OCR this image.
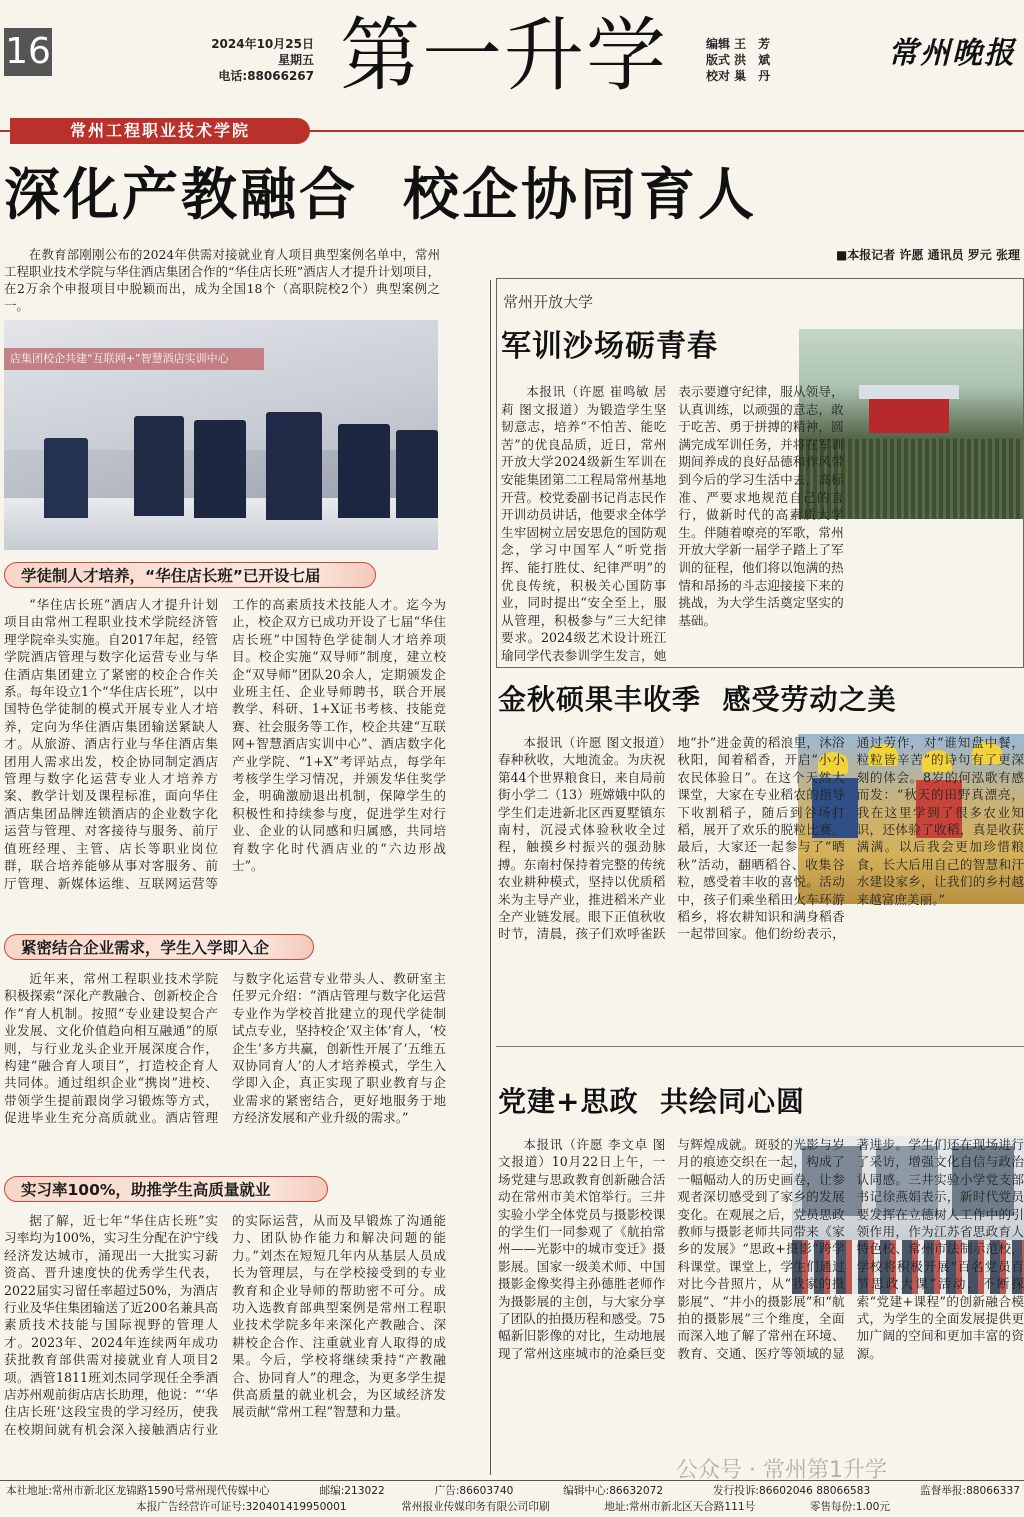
16	2024年10月25日
星期五
电话:88066267 第一升学	编辑 王　芳
版式 洪　斌
校对 巢　丹
常州晚报
常州工程职业技术学院
深化产教融合  校企协同育人
在教育部刚刚公布的2024年供需对接就业育人项目典型案例名单中，常州工程职业技术学院与华住酒店集团合作的“华住店长班”酒店人才提升计划项目，在2万余个申报项目中脱颖而出，成为全国18个（高职院校2个）典型案例之一。
■本报记者 许愿 通讯员 罗元 张理
店集团校企共建“互联网+”智慧酒店实训中心
学徒制人才培养，“华住店长班”已开设七届
“华住店长班”酒店人才提升计划项目由常州工程职业技术学院经济管理学院牵头实施。自2017年起，经管学院酒店管理与数字化运营专业与华住酒店集团建立了紧密的校企合作关系。每年设立1个“华住店长班”，以中国特色学徒制的模式开展专业人才培养，定向为华住酒店集团输送紧缺人才。从旅游、酒店行业与华住酒店集团用人需求出发，校企协同制定酒店管理与数字化运营专业人才培养方案、教学计划及课程标准，面向华住酒店集团品牌连锁酒店的企业数字化运营与管理、对客接待与服务、前厅值班经理、主管、店长等职业岗位群，联合培养能够从事对客服务、前厅管理、新媒体运维、互联网运营等工作的高素质技术技能人才。迄今为止，校企双方已成功开设了七届“华住店长班”中国特色学徒制人才培养项目。校企实施“双导师”制度，建立校企“双导师”团队20余人，定期颁发企业班主任、企业导师聘书，联合开展教学、科研、1+X证书考核、技能竞赛、社会服务等工作，校企共建“互联网+智慧酒店实训中心”、酒店数字化产业学院、“1+X”考评站点，每学年考核学生学习情况，并颁发华住奖学金，明确激励退出机制，保障学生的积极性和持续参与度，促进学生对行业、企业的认同感和归属感，共同培育数字化时代酒店业的“六边形战士”。
紧密结合企业需求，学生入学即入企
近年来，常州工程职业技术学院积极探索“深化产教融合、创新校企合作”育人机制。按照“专业建设契合产业发展、文化价值趋向相互融通”的原则，与行业龙头企业开展深度合作，构建“融合育人项目”，打造校企育人共同体。通过组织企业“携岗”进校、带领学生提前跟岗学习锻炼等方式，促进毕业生充分高质就业。酒店管理与数字化运营专业带头人、教研室主任罗元介绍：“酒店管理与数字化运营专业作为学校首批建立的现代学徒制试点专业，坚持校企‘双主体’育人，‘校企生’多方共赢，创新性开展了‘五维五双协同育人’的人才培养模式，学生入学即入企，真正实现了职业教育与企业需求的紧密结合，更好地服务于地方经济发展和产业升级的需求。”
实习率100%，助推学生高质量就业
据了解，近七年“华住店长班”实习率均为100%，实习生分配在沪宁线经济发达城市，涌现出一大批实习薪资高、晋升速度快的优秀学生代表，2022届实习留任率超过50%，为酒店行业及华住集团输送了近200名兼具高素质技术技能与国际视野的管理人才。2023年、2024年连续两年成功获批教育部供需对接就业育人项目2项。酒管1811班刘杰同学现任全季酒店苏州观前街店店长助理，他说：“‘华住店长班’这段宝贵的学习经历，使我在校期间就有机会深入接触酒店行业的实际运营，从而及早锻炼了沟通能力、团队协作能力和解决问题的能力。”刘杰在短短几年内从基层人员成长为管理层，与在学校接受到的专业教育和企业导师的帮助密不可分。成功入选教育部典型案例是常州工程职业技术学院多年来深化产教融合、深耕校企合作、注重就业育人取得的成果。今后，学校将继续秉持“产教融合、协同育人”的理念，为更多学生提供高质量的就业机会，为区域经济发展贡献“常州工程”智慧和力量。
常州开放大学
军训沙场砺青春
本报讯（许愿 崔鸣敏 居莉 图文报道）为锻造学生坚韧意志，培养“不怕苦、能吃苦”的优良品质，近日，常州开放大学2024级新生军训在安能集团第二工程局常州基地开营。校党委副书记肖志民作开训动员讲话，他要求全体学生牢固树立居安思危的国防观念，学习中国军人“听党指挥、能打胜仗、纪律严明”的优良传统，积极关心国防事业，同时提出“安全至上，服从管理，积极参与”三大纪律要求。2024级艺术设计班江瑜同学代表参训学生发言，她表示要遵守纪律，服从领导，认真训练，以顽强的意志，敢于吃苦、勇于拼搏的精神，圆满完成军训任务，并将在军训期间养成的良好品德和作风带到今后的学习生活中去，高标准、严要求地规范自己的言行，做新时代的高素质大学生。伴随着嘹亮的军歌，常州开放大学新一届学子踏上了军训的征程，他们将以饱满的热情和昂扬的斗志迎接接下来的挑战，为大学生活奠定坚实的基础。
金秋硕果丰收季  感受劳动之美
本报讯（许愿 图文报道）春种秋收，大地流金。为庆祝第44个世界粮食日，来自局前街小学二（13）班嫦娥中队的学生们走进新北区西夏墅镇东南村，沉浸式体验秋收全过程，触摸乡村振兴的强劲脉搏。东南村保持着完整的传统农业耕种模式，坚持以优质稻米为主导产业，推进稻米产业全产业链发展。眼下正值秋收时节，清晨，孩子们欢呼雀跃地“扑”进金黄的稻浪里，沐浴秋阳，闻着稻香，开启“小小农民体验日”。在这个天然大课堂，大家在专业稻农的指导下收割稻子，随后到谷场打稻，展开了欢乐的脱粒比赛。最后，大家还一起参与了“晒秋”活动，翻晒稻谷、收集谷粒，感受着丰收的喜悦。活动中，孩子们乘坐稻田火车环游稻乡，将农耕知识和满身稻香一起带回家。他们纷纷表示，通过劳作，对“谁知盘中餐，粒粒皆辛苦”的诗句有了更深刻的体会。8岁的何泓歌有感而发：“秋天的田野真漂亮，我在这里学到了很多农业知识，还体验了收稻，真是收获满满。以后我会更加珍惜粮食，长大后用自己的智慧和汗水建设家乡，让我们的乡村越来越富庶美丽。”
党建+思政  共绘同心圆
本报讯（许愿 李文卓 图文报道）10月22日上午，一场党建与思政教育创新融合活动在常州市美术馆举行。三井实验小学全体党员与摄影校课的学生们一同参观了《航拍常州——光影中的城市变迁》摄影展。国家一级美术师、中国摄影金像奖得主孙德胜老师作为摄影展的主创，与大家分享了团队的拍摄历程和感受。75幅新旧影像的对比，生动地展现了常州这座城市的沧桑巨变与辉煌成就。斑驳的光影与岁月的痕迹交织在一起，构成了一幅幅动人的历史画卷，让参观者深切感受到了家乡的发展变化。在观展之后，党员思政教师与摄影老师共同带来《家乡的发展》“思政+摄影”跨学科课堂。课堂上，学生们通过对比今昔照片，从“我家的摄影展”、“井小的摄影展”和“航拍的摄影展”三个维度，全面而深入地了解了常州在环境、教育、交通、医疗等领域的显著进步。学生们还在现场进行了采访，增强文化自信与政治认同感。三井实验小学党支部书记徐燕娟表示，新时代党员要发挥在立德树人工作中的引领作用，作为江苏省思政育人特色校、常州市法制示范校，学校将积极开展“百名党员百节思政大课”活动，不断探索“党建+课程”的创新融合模式，为学生的全面发展提供更加广阔的空间和更加丰富的资源。
公众号 · 常州第1升学
本社地址:常州市新北区龙锦路1590号常州现代传媒中心	邮编:213022	广告:86603740	编辑中心:86632072	发行投诉:86602046 88066583	监督举报:88066337
本报广告经营许可证号:320401419950001	常州报业传媒印务有限公司印刷	地址:常州市新北区天合路111号	零售每份:1.00元
